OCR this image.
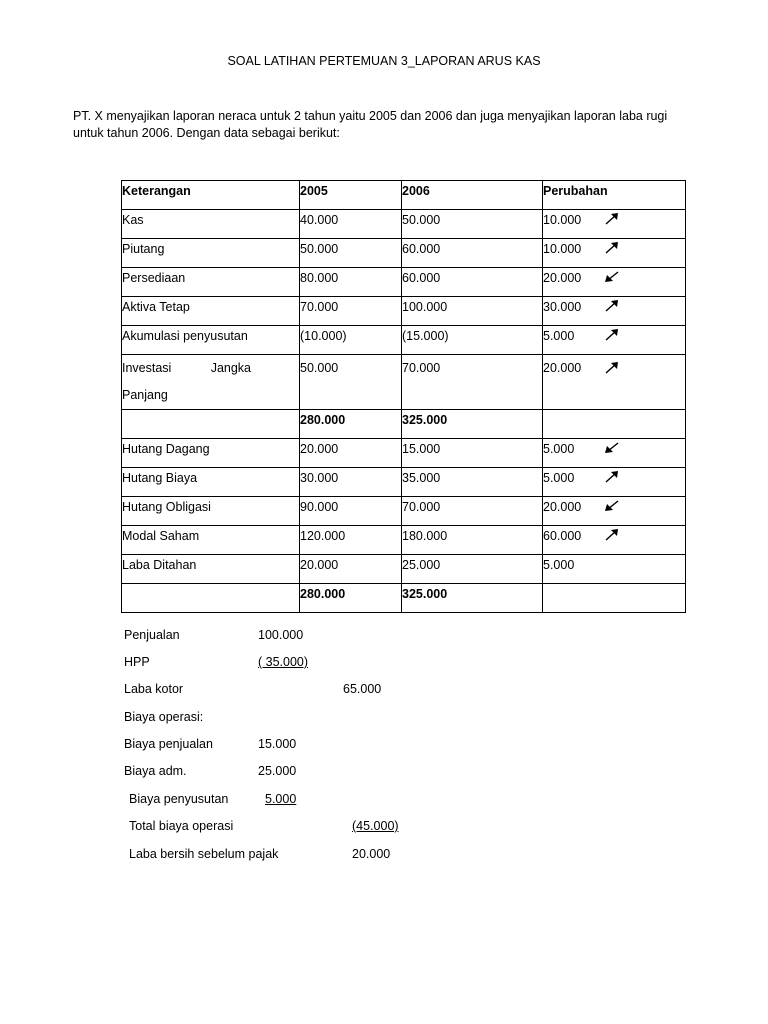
SOAL LATIHAN PERTEMUAN 3_LAPORAN ARUS KAS
PT. X menyajikan laporan neraca untuk 2 tahun yaitu 2005 dan 2006 dan juga menyajikan laporan laba rugi untuk tahun 2006. Dengan data sebagai berikut:
Keterangan	2005	2006	Perubahan
Kas	40.000	50.000	10.000

Piutang	50.000	60.000	10.000

Persediaan	80.000	60.000	20.000

Aktiva Tetap	70.000	100.000	30.000

Akumulasi penyusutan	(10.000)	(15.000)	5.000

Investasi Jangka
Panjang	50.000	70.000	20.000

	280.000	325.000	
Hutang Dagang	20.000	15.000	5.000

Hutang Biaya	30.000	35.000	5.000

Hutang Obligasi	90.000	70.000	20.000

Modal Saham	120.000	180.000	60.000

Laba Ditahan	20.000	25.000	5.000
	280.000	325.000	
Penjualan	100.000
HPP	( 35.000)
Laba kotor	65.000
Biaya operasi:
Biaya penjualan	15.000
Biaya adm.	25.000
Biaya penyusutan	5.000
Total biaya operasi	(45.000)
Laba bersih sebelum pajak	20.000
